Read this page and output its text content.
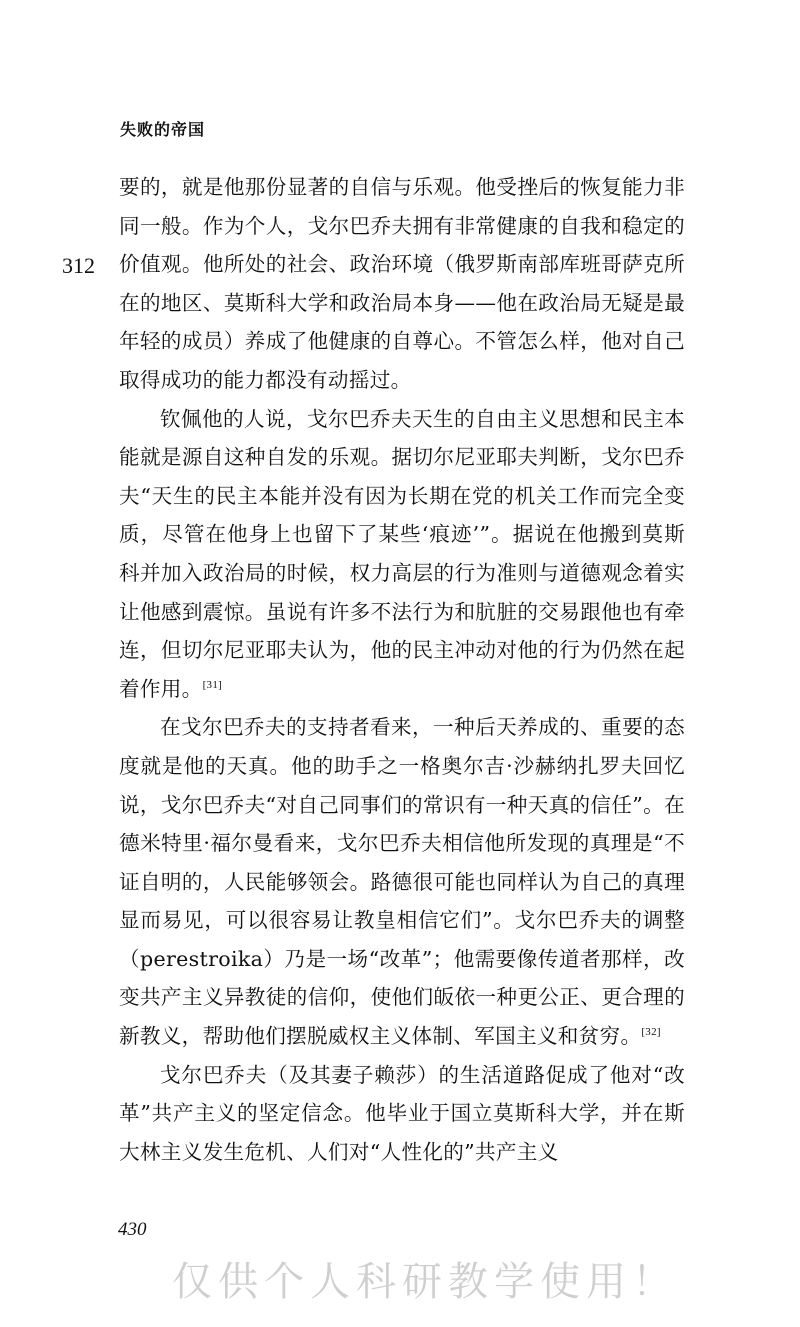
失败的帝国
312

要的，就是他那份显著的自信与乐观。他受挫后的恢复能力非同一般。作为个人，戈尔巴乔夫拥有非常健康的自我和稳定的价值观。他所处的社会、政治环境（俄罗斯南部库班哥萨克所在的地区、莫斯科大学和政治局本身——他在政治局无疑是最年轻的成员）养成了他健康的自尊心。不管怎么样，他对自己取得成功的能力都没有动摇过。

钦佩他的人说，戈尔巴乔夫天生的自由主义思想和民主本能就是源自这种自发的乐观。据切尔尼亚耶夫判断，戈尔巴乔夫“天生的民主本能并没有因为长期在党的机关工作而完全变质，尽管在他身上也留下了某些‘痕迹’”。据说在他搬到莫斯科并加入政治局的时候，权力高层的行为准则与道德观念着实让他感到震惊。虽说有许多不法行为和肮脏的交易跟他也有牵连，但切尔尼亚耶夫认为，他的民主冲动对他的行为仍然在起着作用。[31]

在戈尔巴乔夫的支持者看来，一种后天养成的、重要的态度就是他的天真。他的助手之一格奥尔吉·沙赫纳扎罗夫回忆说，戈尔巴乔夫“对自己同事们的常识有一种天真的信任”。在德米特里·福尔曼看来，戈尔巴乔夫相信他所发现的真理是“不证自明的，人民能够领会。路德很可能也同样认为自己的真理显而易见，可以很容易让教皇相信它们”。戈尔巴乔夫的调整（perestroika）乃是一场“改革”；他需要像传道者那样，改变共产主义异教徒的信仰，使他们皈依一种更公正、更合理的新教义，帮助他们摆脱威权主义体制、军国主义和贫穷。[32]

戈尔巴乔夫（及其妻子赖莎）的生活道路促成了他对“改革”共产主义的坚定信念。他毕业于国立莫斯科大学，并在斯大林主义发生危机、人们对“人性化的”共产主义

430
仅供个人科研教学使用！
